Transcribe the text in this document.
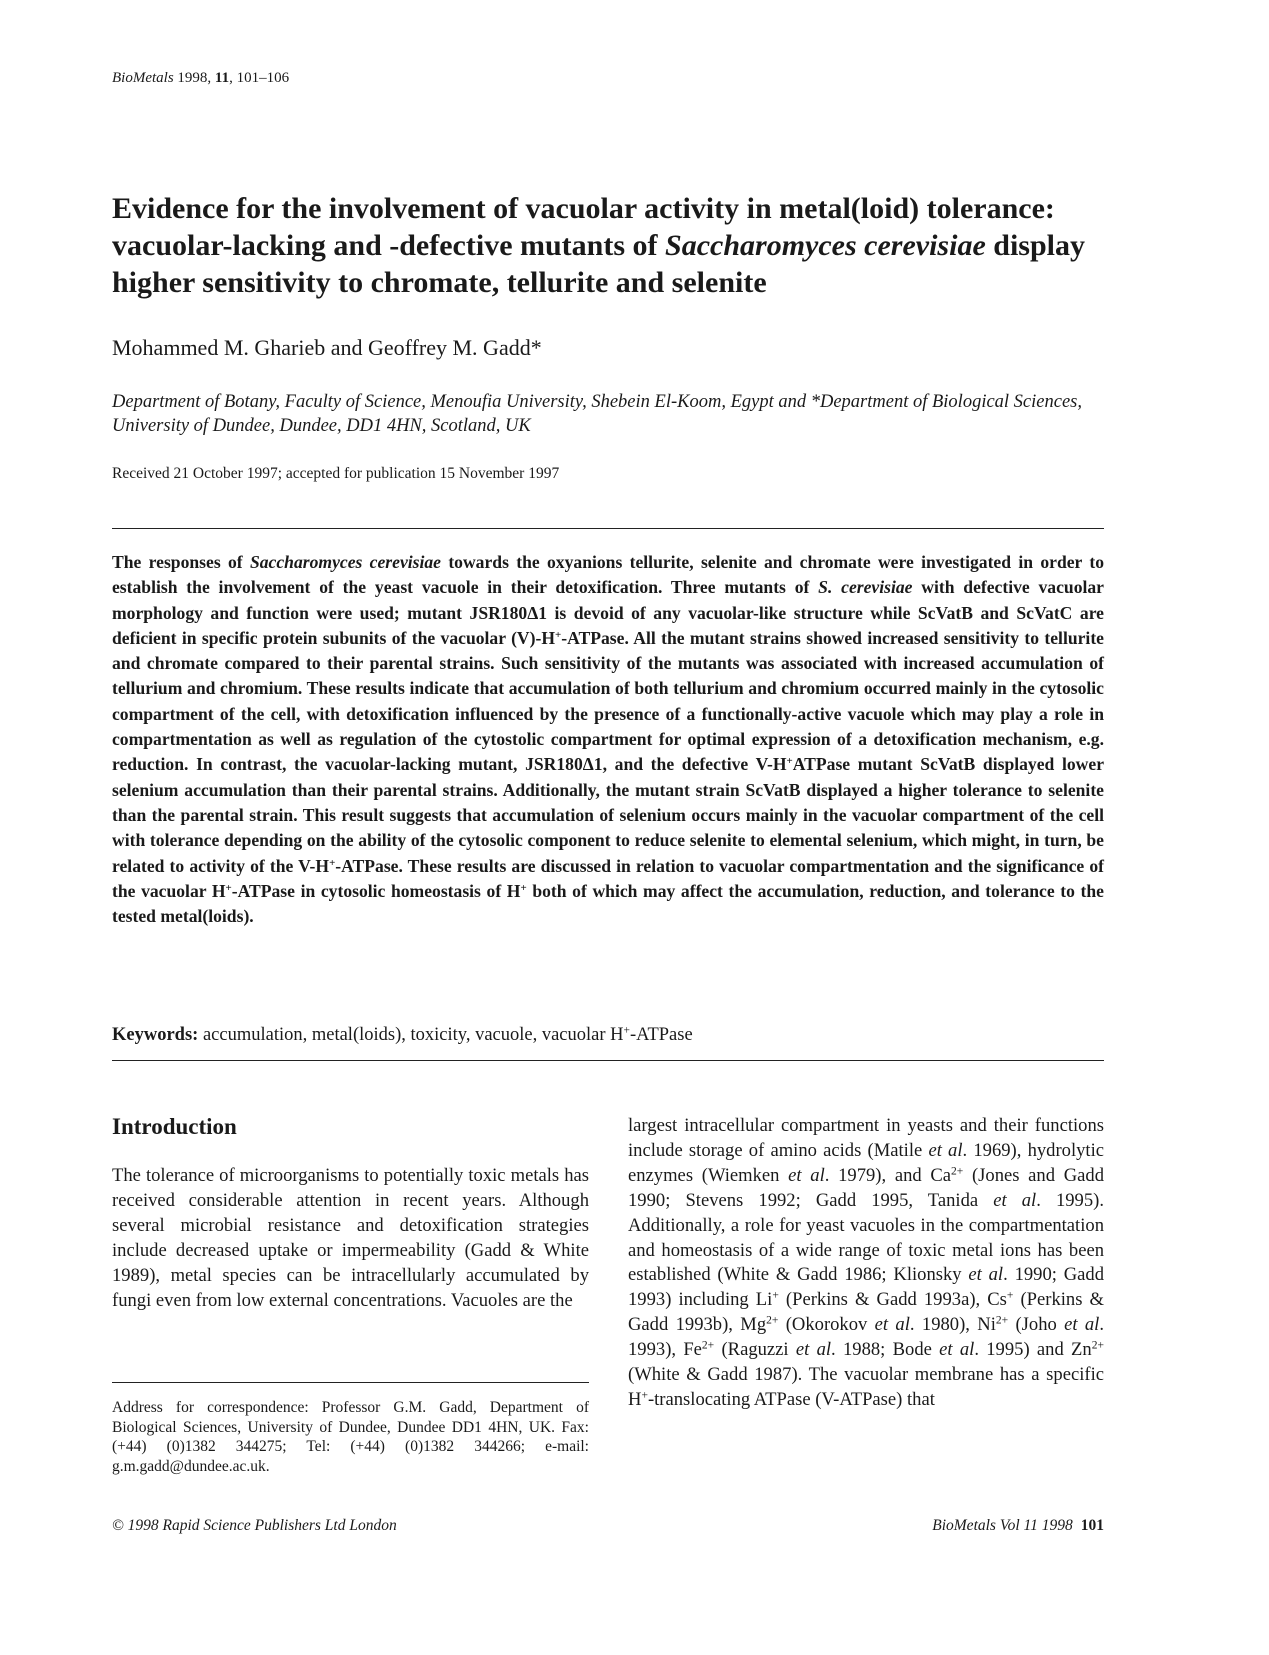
BioMetals 1998, 11, 101–106
Evidence for the involvement of vacuolar activity in metal(loid) tolerance: vacuolar-lacking and -defective mutants of Saccharomyces cerevisiae display higher sensitivity to chromate, tellurite and selenite
Mohammed M. Gharieb and Geoffrey M. Gadd*
Department of Botany, Faculty of Science, Menoufia University, Shebein El-Koom, Egypt and *Department of Biological Sciences, University of Dundee, Dundee, DD1 4HN, Scotland, UK
Received 21 October 1997; accepted for publication 15 November 1997
The responses of Saccharomyces cerevisiae towards the oxyanions tellurite, selenite and chromate were investigated in order to establish the involvement of the yeast vacuole in their detoxification. Three mutants of S. cerevisiae with defective vacuolar morphology and function were used; mutant JSR180Δ1 is devoid of any vacuolar-like structure while ScVatB and ScVatC are deficient in specific protein subunits of the vacuolar (V)-H+-ATPase. All the mutant strains showed increased sensitivity to tellurite and chromate compared to their parental strains. Such sensitivity of the mutants was associated with increased accumulation of tellurium and chromium. These results indicate that accumulation of both tellurium and chromium occurred mainly in the cytosolic compartment of the cell, with detoxification influenced by the presence of a functionally-active vacuole which may play a role in compartmentation as well as regulation of the cytostolic compartment for optimal expression of a detoxification mechanism, e.g. reduction. In contrast, the vacuolar-lacking mutant, JSR180Δ1, and the defective V-H+ATPase mutant ScVatB displayed lower selenium accumulation than their parental strains. Additionally, the mutant strain ScVatB displayed a higher tolerance to selenite than the parental strain. This result suggests that accumulation of selenium occurs mainly in the vacuolar compartment of the cell with tolerance depending on the ability of the cytosolic component to reduce selenite to elemental selenium, which might, in turn, be related to activity of the V-H+-ATPase. These results are discussed in relation to vacuolar compartmentation and the significance of the vacuolar H+-ATPase in cytosolic homeostasis of H+ both of which may affect the accumulation, reduction, and tolerance to the tested metal(loids).
Keywords: accumulation, metal(loids), toxicity, vacuole, vacuolar H+-ATPase
Introduction
The tolerance of microorganisms to potentially toxic metals has received considerable attention in recent years. Although several microbial resistance and detoxification strategies include decreased uptake or impermeability (Gadd & White 1989), metal species can be intracellularly accumulated by fungi even from low external concentrations. Vacuoles are the
largest intracellular compartment in yeasts and their functions include storage of amino acids (Matile et al. 1969), hydrolytic enzymes (Wiemken et al. 1979), and $Ca^{2+}$ (Jones and Gadd 1990; Stevens 1992; Gadd 1995, Tanida et al. 1995). Additionally, a role for yeast vacuoles in the compartmentation and homeostasis of a wide range of toxic metal ions has been established (White & Gadd 1986; Klionsky et al. 1990; Gadd 1993) including Li+ (Perkins & Gadd 1993a), Cs+ (Perkins & Gadd 1993b), $Mg^{2+}$ (Okorokov et al. 1980), $Ni^{2+}$ (Joho et al. 1993), $Fe^{2+}$ (Raguzzi et al. 1988; Bode et al. 1995) and $Zn^{2+}$ (White & Gadd 1987). The vacuolar membrane has a specific H+-translocating ATPase (V-ATPase) that
Address for correspondence: Professor G.M. Gadd, Department of Biological Sciences, University of Dundee, Dundee DD1 4HN, UK. Fax: (+44) (0)1382 344275; Tel: (+44) (0)1382 344266; e-mail: g.m.gadd@dundee.ac.uk.
© 1998 Rapid Science Publishers Ltd London	BioMetals Vol 11 1998 101
